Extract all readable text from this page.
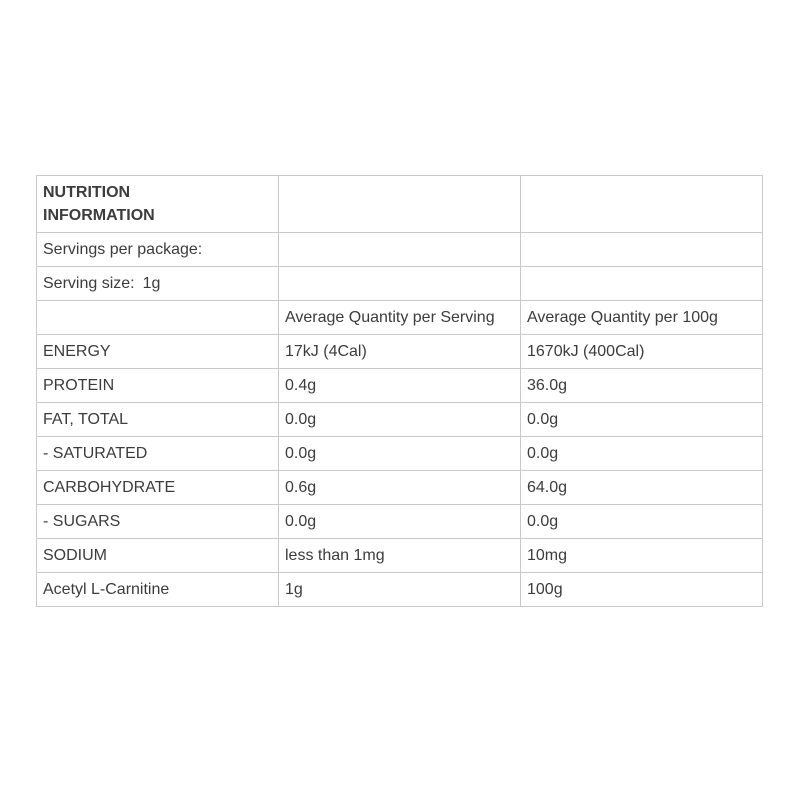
NUTRITION
INFORMATION		

Servings per package:		
Serving size: 1g		
	Average Quantity per Serving	Average Quantity per 100g
ENERGY	17kJ (4Cal)	1670kJ (400Cal)
PROTEIN	0.4g	36.0g
FAT, TOTAL	0.0g	0.0g
- SATURATED	0.0g	0.0g
CARBOHYDRATE	0.6g	64.0g
- SUGARS	0.0g	0.0g
SODIUM	less than 1mg	10mg
Acetyl L-Carnitine	1g	100g
